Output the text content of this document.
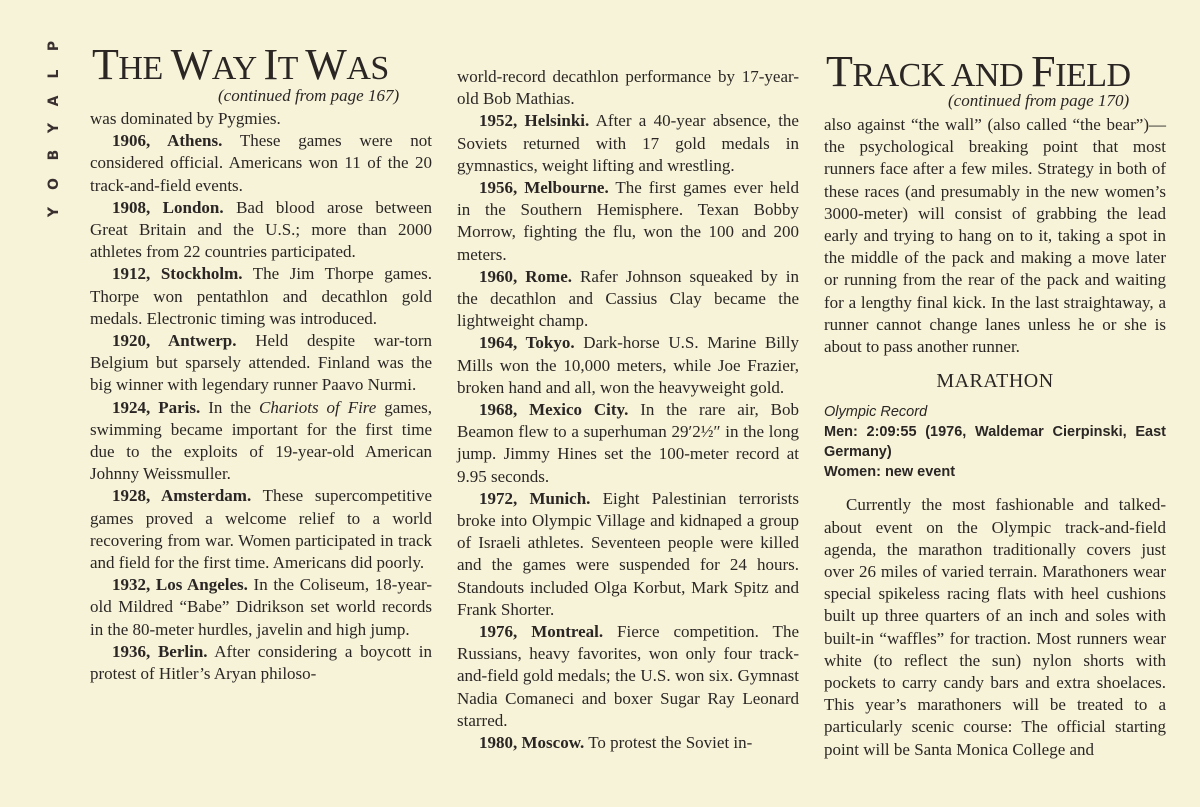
P
L
A
Y
B
O
Y
THE WAY IT WAS
(continued from page 167)

was dominated by Pygmies.

1906, Athens. These games were not considered official. Americans won 11 of the 20 track-and-field events.

1908, London. Bad blood arose between Great Britain and the U.S.; more than 2000 athletes from 22 countries participated.

1912, Stockholm. The Jim Thorpe games. Thorpe won pentathlon and decathlon gold medals. Electronic timing was introduced.

1920, Antwerp. Held despite war-torn Belgium but sparsely attended. Finland was the big winner with legendary runner Paavo Nurmi.

1924, Paris. In the Chariots of Fire games, swimming became important for the first time due to the exploits of 19-year-old American Johnny Weissmuller.

1928, Amsterdam. These supercompetitive games proved a welcome relief to a world recovering from war. Women participated in track and field for the first time. Americans did poorly.

1932, Los Angeles. In the Coliseum, 18-year-old Mildred “Babe” Didrikson set world records in the 80-meter hurdles, javelin and high jump.

1936, Berlin. After considering a boycott in protest of Hitler’s Aryan philoso-

world-record decathlon performance by 17-year-old Bob Mathias.

1952, Helsinki. After a 40-year absence, the Soviets returned with 17 gold medals in gymnastics, weight lifting and wrestling.

1956, Melbourne. The first games ever held in the Southern Hemisphere. Texan Bobby Morrow, fighting the flu, won the 100 and 200 meters.

1960, Rome. Rafer Johnson squeaked by in the decathlon and Cassius Clay became the lightweight champ.

1964, Tokyo. Dark-horse U.S. Marine Billy Mills won the 10,000 meters, while Joe Frazier, broken hand and all, won the heavyweight gold.

1968, Mexico City. In the rare air, Bob Beamon flew to a superhuman 29′2½″ in the long jump. Jimmy Hines set the 100-meter record at 9.95 seconds.

1972, Munich. Eight Palestinian terrorists broke into Olympic Village and kidnaped a group of Israeli athletes. Seventeen people were killed and the games were suspended for 24 hours. Standouts included Olga Korbut, Mark Spitz and Frank Shorter.

1976, Montreal. Fierce competition. The Russians, heavy favorites, won only four track-and-field gold medals; the U.S. won six. Gymnast Nadia Comaneci and boxer Sugar Ray Leonard starred.

1980, Moscow. To protest the Soviet in-

TRACK AND FIELD
(continued from page 170)

also against “the wall” (also called “the bear”)—the psychological breaking point that most runners face after a few miles. Strategy in both of these races (and presumably in the new women’s 3000-meter) will consist of grabbing the lead early and trying to hang on to it, taking a spot in the middle of the pack and making a move later or running from the rear of the pack and waiting for a lengthy final kick. In the last straightaway, a runner cannot change lanes unless he or she is about to pass another runner.

MARATHON
Olympic Record
Men: 2:09:55 (1976, Waldemar Cierpinski, East Germany)
Women: new event

Currently the most fashionable and talked-about event on the Olympic track-and-field agenda, the marathon traditionally covers just over 26 miles of varied terrain. Marathoners wear special spikeless racing flats with heel cushions built up three quarters of an inch and soles with built-in “waffles” for traction. Most runners wear white (to reflect the sun) nylon shorts with pockets to carry candy bars and extra shoelaces. This year’s marathoners will be treated to a particularly scenic course: The official starting point will be Santa Monica College and
